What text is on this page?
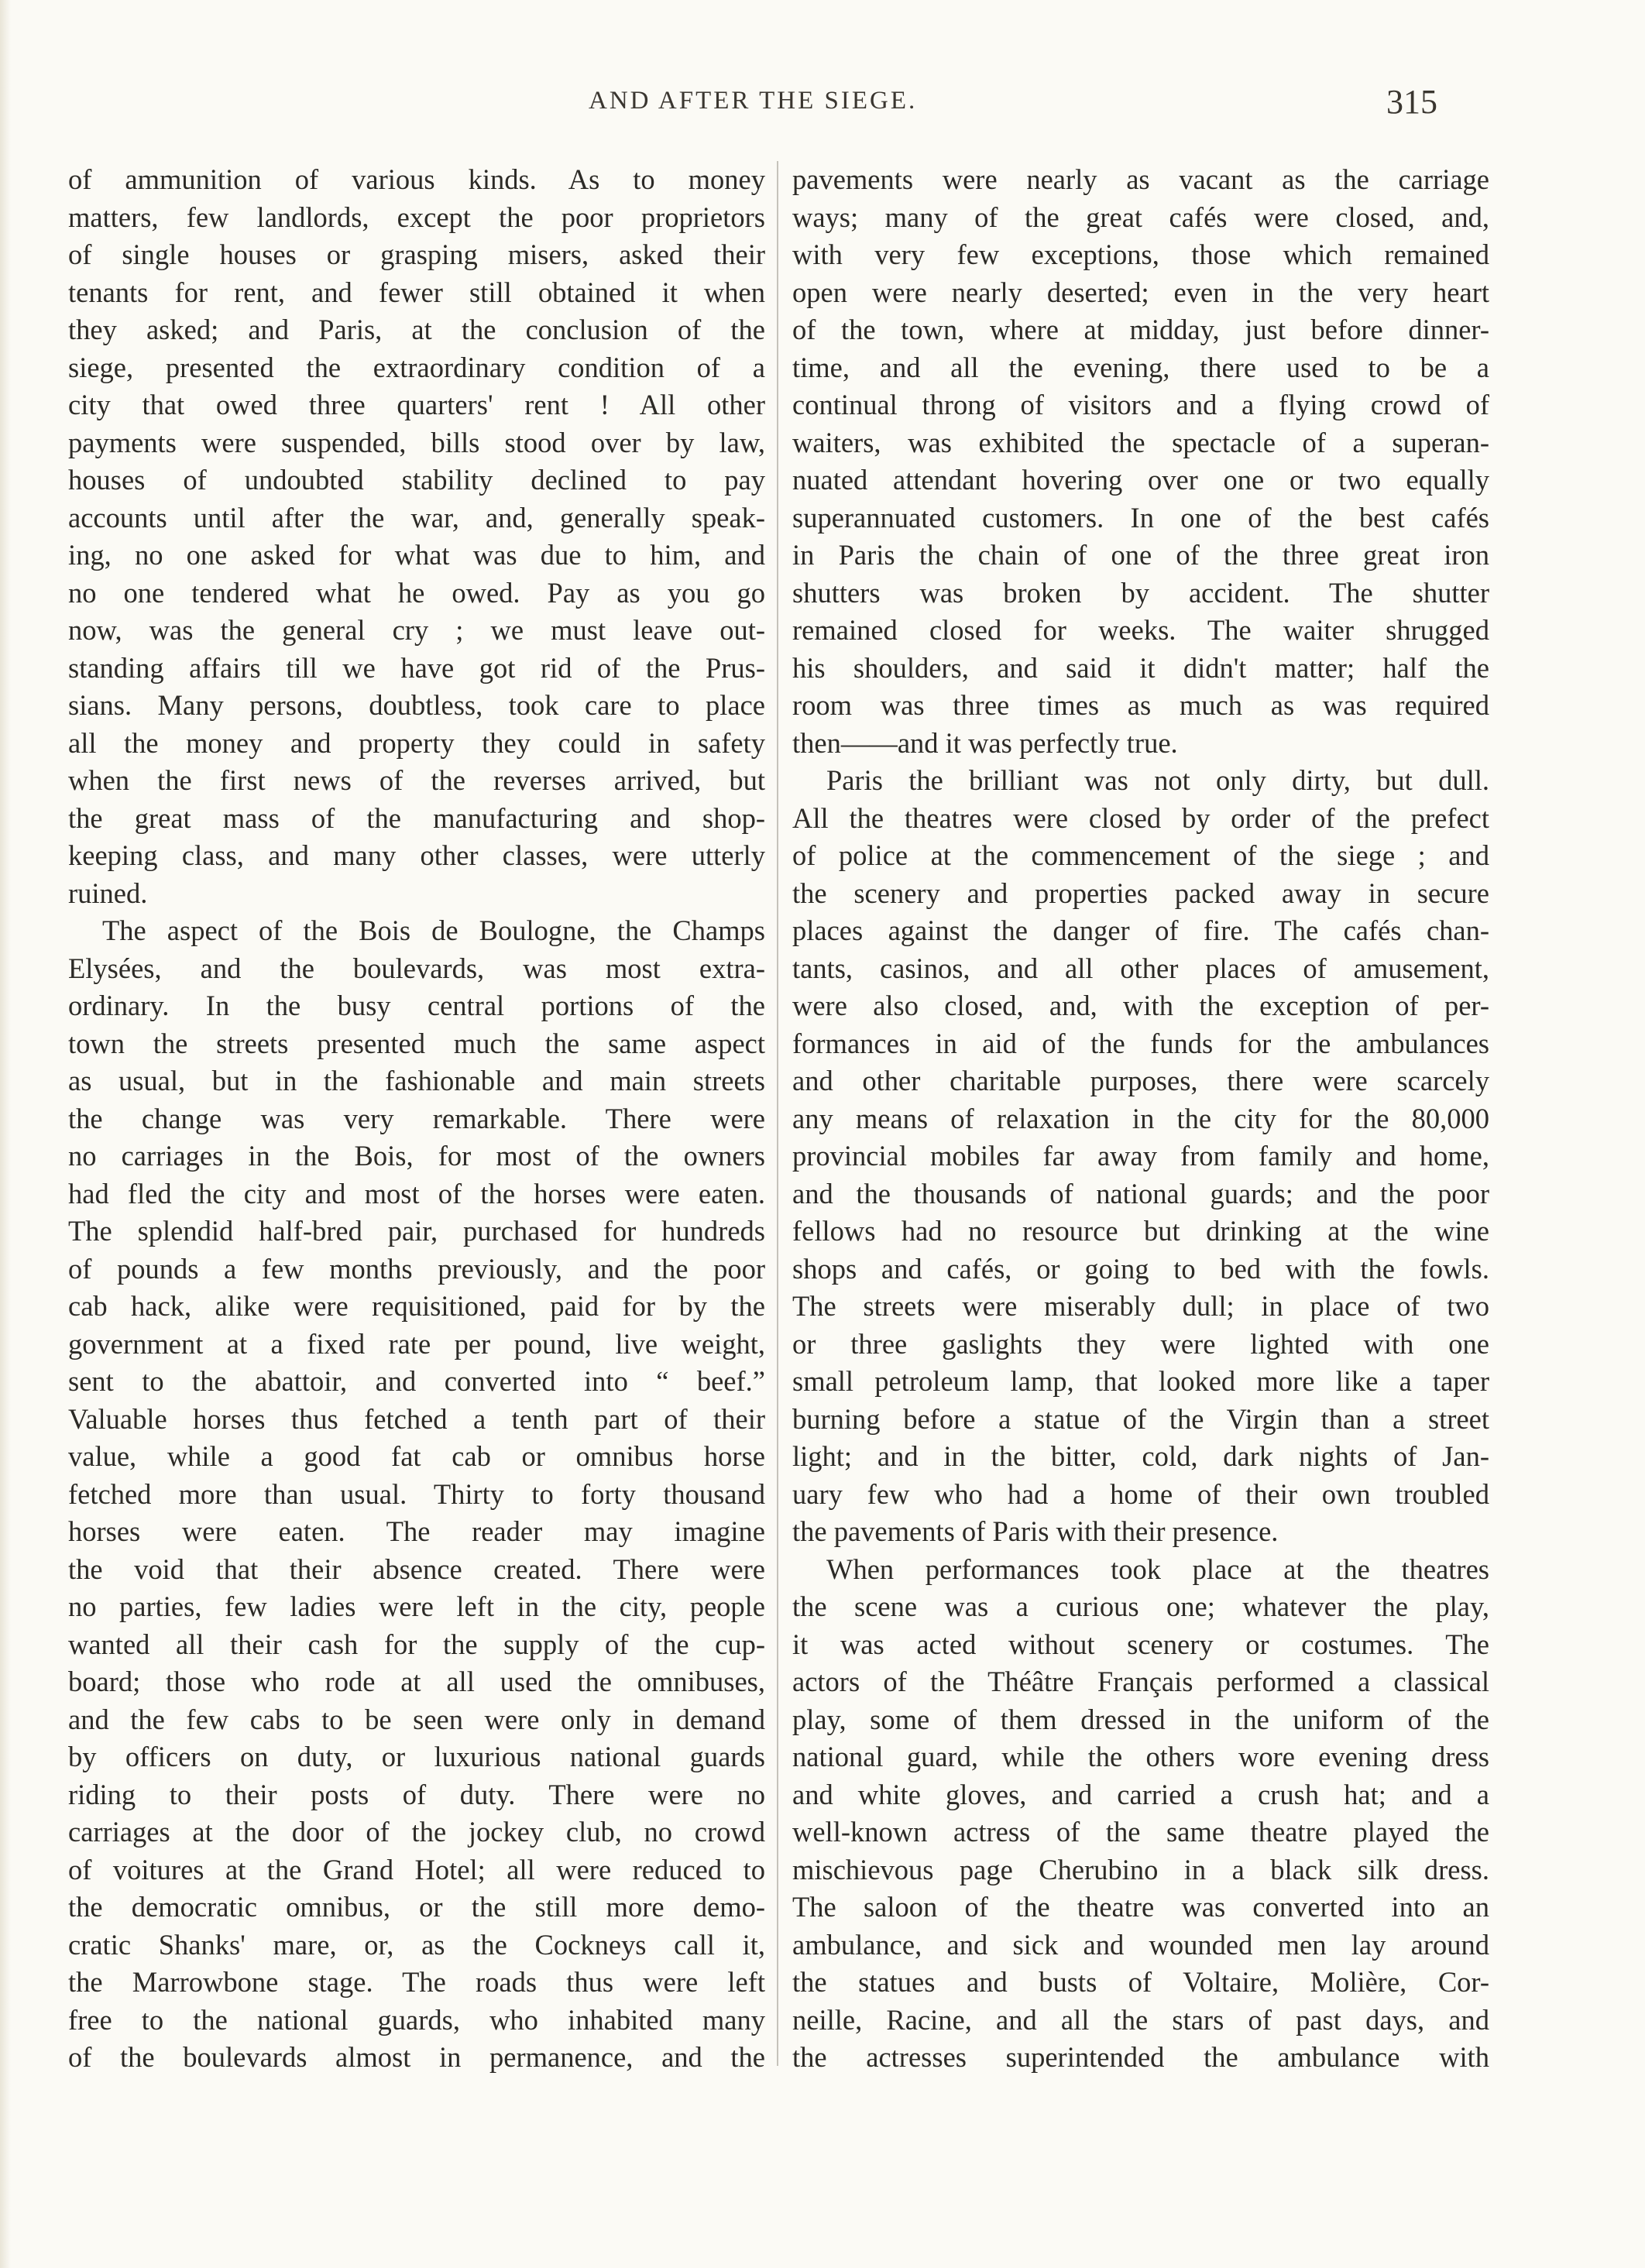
AND AFTER THE SIEGE.	315
of ammunition of various kinds. As to money
matters, few landlords, except the poor proprietors
of single houses or grasping misers, asked their
tenants for rent, and fewer still obtained it when
they asked; and Paris, at the conclusion of the
siege, presented the extraordinary condition of a
city that owed three quarters' rent ! All other
payments were suspended, bills stood over by law,
houses of undoubted stability declined to pay
accounts until after the war, and, generally speak-
ing, no one asked for what was due to him, and
no one tendered what he owed. Pay as you go
now, was the general cry ; we must leave out-
standing affairs till we have got rid of the Prus-
sians. Many persons, doubtless, took care to place
all the money and property they could in safety
when the first news of the reverses arrived, but
the great mass of the manufacturing and shop-
keeping class, and many other classes, were utterly
ruined.
The aspect of the Bois de Boulogne, the Champs
Elysées, and the boulevards, was most extra-
ordinary. In the busy central portions of the
town the streets presented much the same aspect
as usual, but in the fashionable and main streets
the change was very remarkable. There were
no carriages in the Bois, for most of the owners
had fled the city and most of the horses were eaten.
The splendid half-bred pair, purchased for hundreds
of pounds a few months previously, and the poor
cab hack, alike were requisitioned, paid for by the
government at a fixed rate per pound, live weight,
sent to the abattoir, and converted into “ beef.”
Valuable horses thus fetched a tenth part of their
value, while a good fat cab or omnibus horse
fetched more than usual. Thirty to forty thousand
horses were eaten. The reader may imagine
the void that their absence created. There were
no parties, few ladies were left in the city, people
wanted all their cash for the supply of the cup-
board; those who rode at all used the omnibuses,
and the few cabs to be seen were only in demand
by officers on duty, or luxurious national guards
riding to their posts of duty. There were no
carriages at the door of the jockey club, no crowd
of voitures at the Grand Hotel; all were reduced to
the democratic omnibus, or the still more demo-
cratic Shanks' mare, or, as the Cockneys call it,
the Marrowbone stage. The roads thus were left
free to the national guards, who inhabited many
of the boulevards almost in permanence, and the
pavements were nearly as vacant as the carriage
ways; many of the great cafés were closed, and,
with very few exceptions, those which remained
open were nearly deserted; even in the very heart
of the town, where at midday, just before dinner-
time, and all the evening, there used to be a
continual throng of visitors and a flying crowd of
waiters, was exhibited the spectacle of a superan-
nuated attendant hovering over one or two equally
superannuated customers. In one of the best cafés
in Paris the chain of one of the three great iron
shutters was broken by accident. The shutter
remained closed for weeks. The waiter shrugged
his shoulders, and said it didn't matter; half the
room was three times as much as was required
then——and it was perfectly true.
Paris the brilliant was not only dirty, but dull.
All the theatres were closed by order of the prefect
of police at the commencement of the siege ; and
the scenery and properties packed away in secure
places against the danger of fire. The cafés chan-
tants, casinos, and all other places of amusement,
were also closed, and, with the exception of per-
formances in aid of the funds for the ambulances
and other charitable purposes, there were scarcely
any means of relaxation in the city for the 80,000
provincial mobiles far away from family and home,
and the thousands of national guards; and the poor
fellows had no resource but drinking at the wine
shops and cafés, or going to bed with the fowls.
The streets were miserably dull; in place of two
or three gaslights they were lighted with one
small petroleum lamp, that looked more like a taper
burning before a statue of the Virgin than a street
light; and in the bitter, cold, dark nights of Jan-
uary few who had a home of their own troubled
the pavements of Paris with their presence.
When performances took place at the theatres
the scene was a curious one; whatever the play,
it was acted without scenery or costumes. The
actors of the Théâtre Français performed a classical
play, some of them dressed in the uniform of the
national guard, while the others wore evening dress
and white gloves, and carried a crush hat; and a
well-known actress of the same theatre played the
mischievous page Cherubino in a black silk dress.
The saloon of the theatre was converted into an
ambulance, and sick and wounded men lay around
the statues and busts of Voltaire, Molière, Cor-
neille, Racine, and all the stars of past days, and
the actresses superintended the ambulance with
